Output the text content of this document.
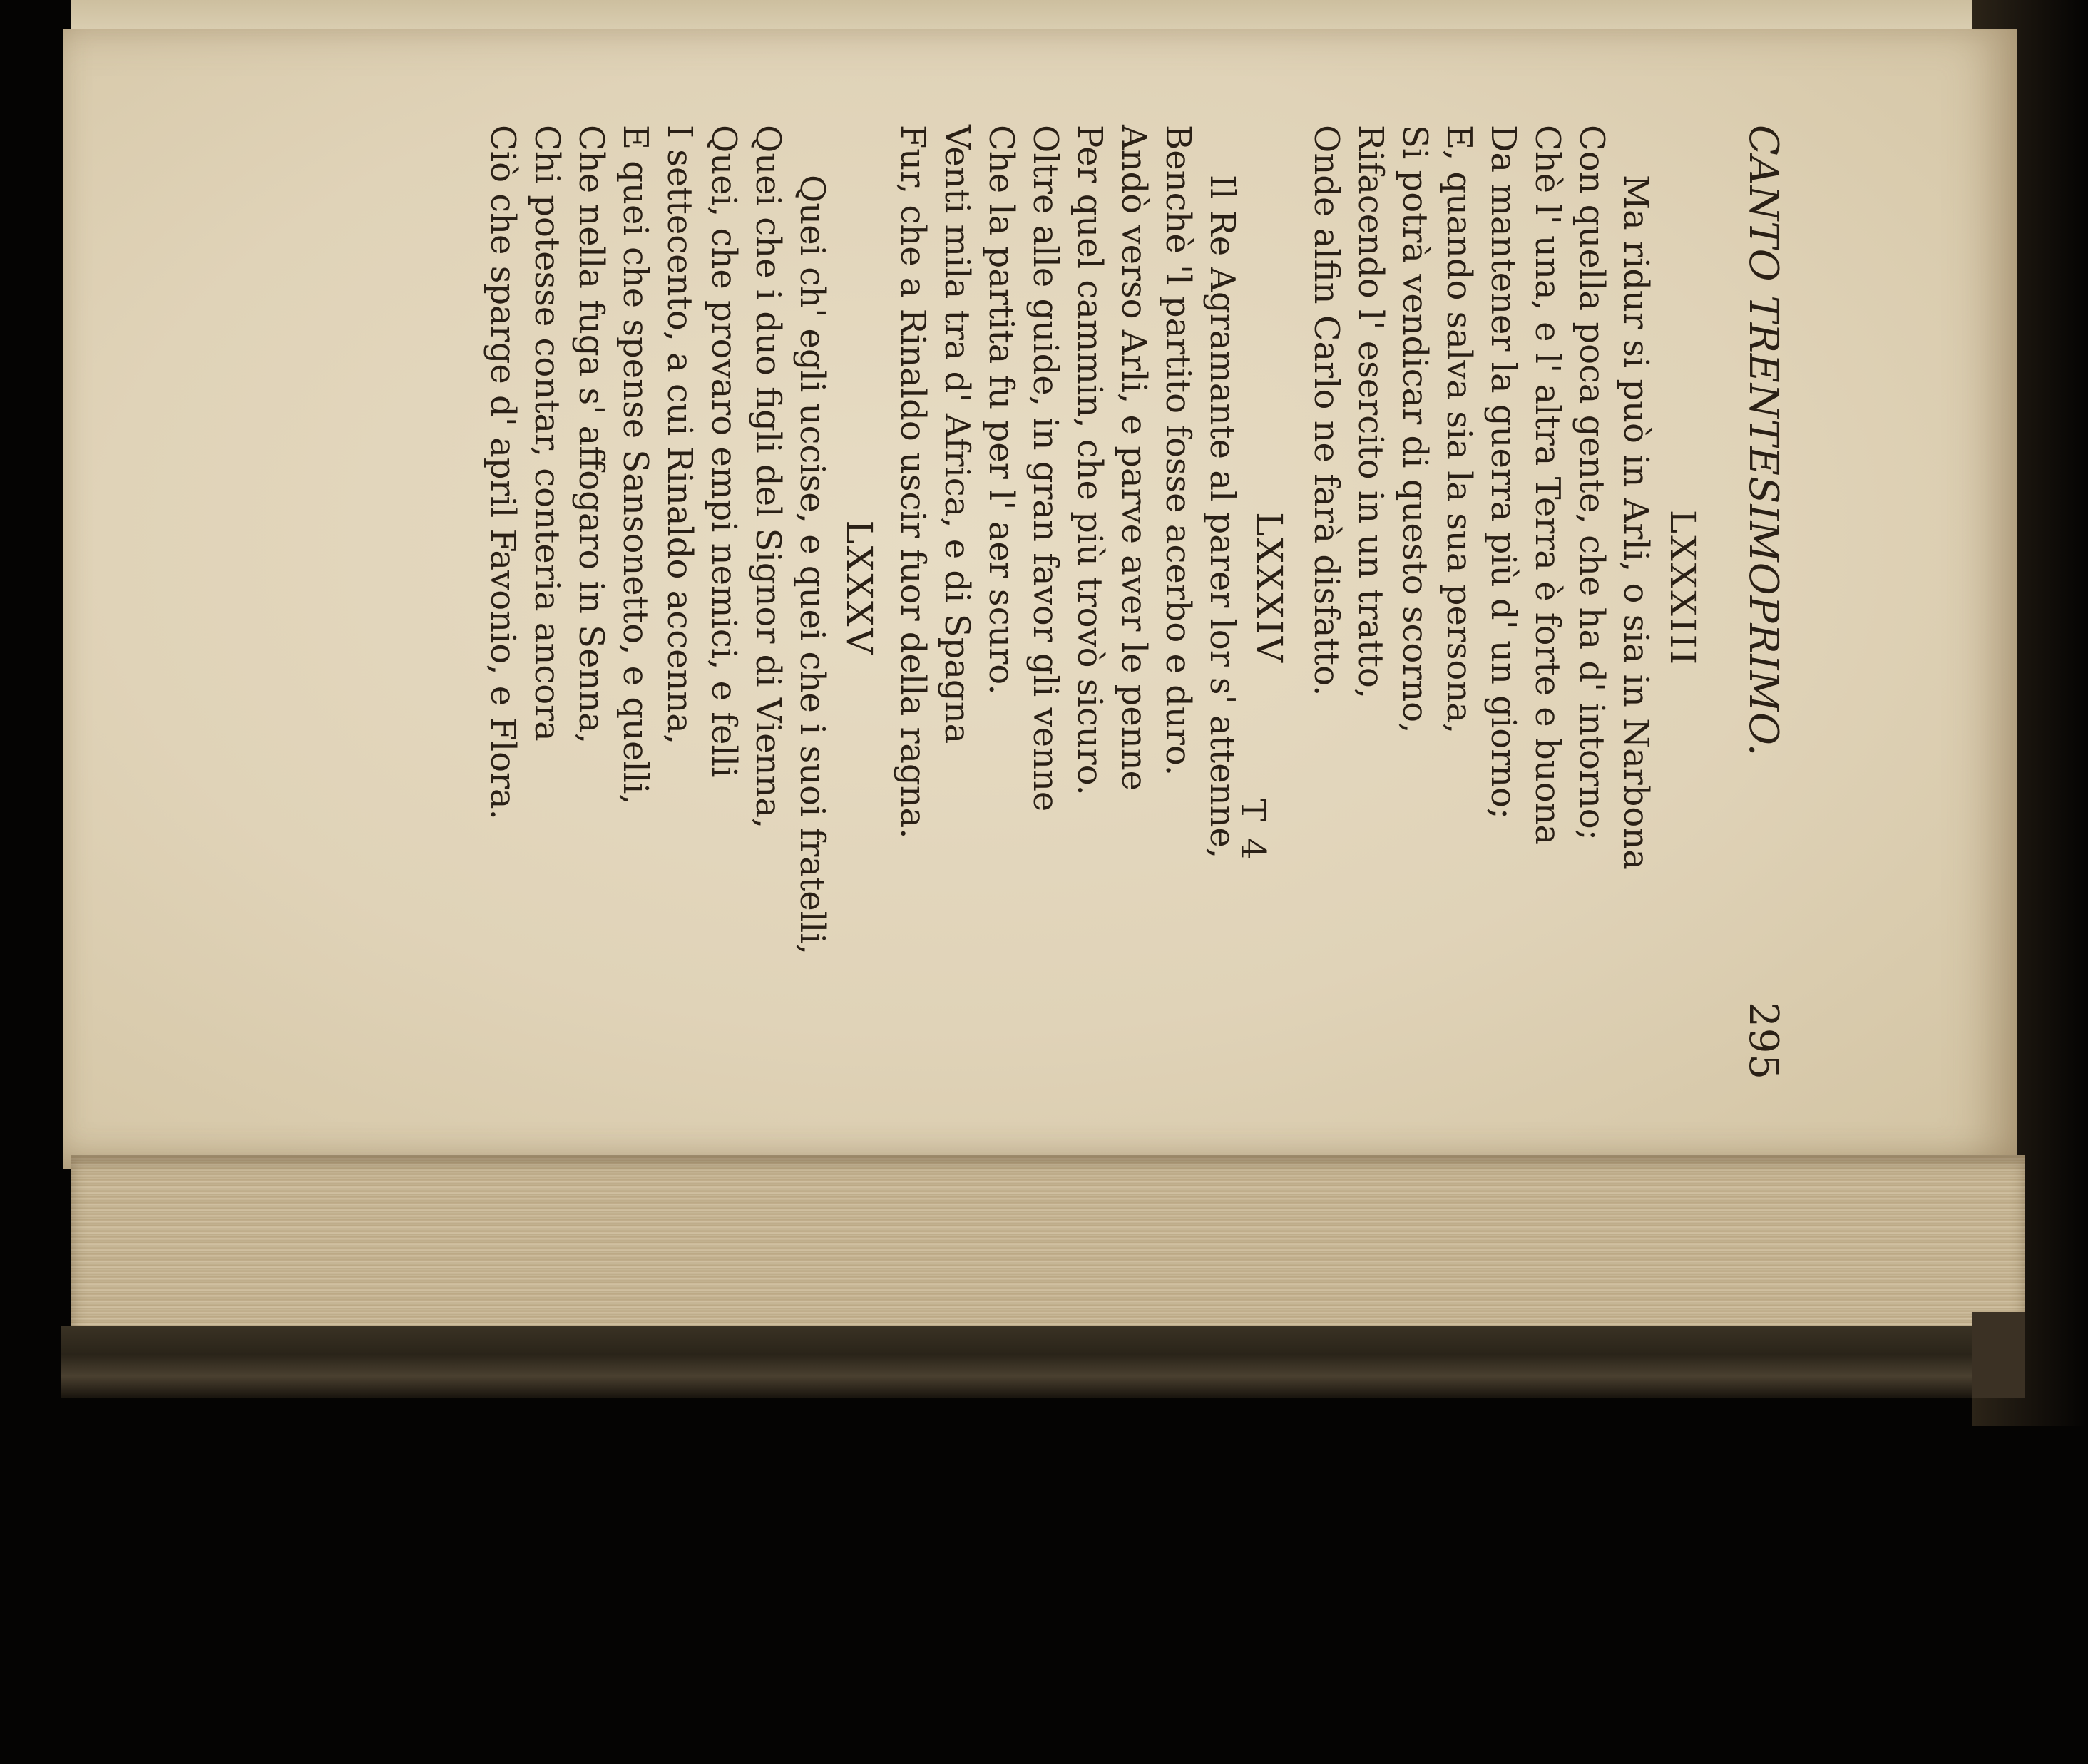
CANTO TRENTESIMOPRIMO.
295
LXXXIII
Ma ridur si può in Arli, o sia in Narbona
Con quella poca gente, che ha d' intorno;
Chè l' una, e l' altra Terra è forte e buona
Da mantener la guerra più d' un giorno;
E, quando salva sia la sua persona,
Si potrà vendicar di questo scorno,
Rifacendo l' esercito in un tratto,
Onde alfin Carlo ne farà disfatto.
LXXXIV
Il Re Agramante al parer lor s' attenne,
Benchè 'l partito fosse acerbo e duro.
Andò verso Arli, e parve aver le penne
Per quel cammin, che più trovò sicuro.
Oltre alle guide, in gran favor gli venne
Che la partita fu per l' aer scuro.
Venti mila tra d' Africa, e di Spagna
Fur, che a Rinaldo uscir fuor della ragna.
LXXXV
Quei ch' egli uccise, e quei che i suoi fratelli,
Quei che i duo figli del Signor di Vienna,
Quei, che provaro empi nemici, e felli
I settecento, a cui Rinaldo accenna,
E quei che spense Sansonetto, e quelli,
Che nella fuga s' affogaro in Senna,
Chi potesse contar, conteria ancora
Ciò che sparge d' april Favonio, e Flora.
T 4
